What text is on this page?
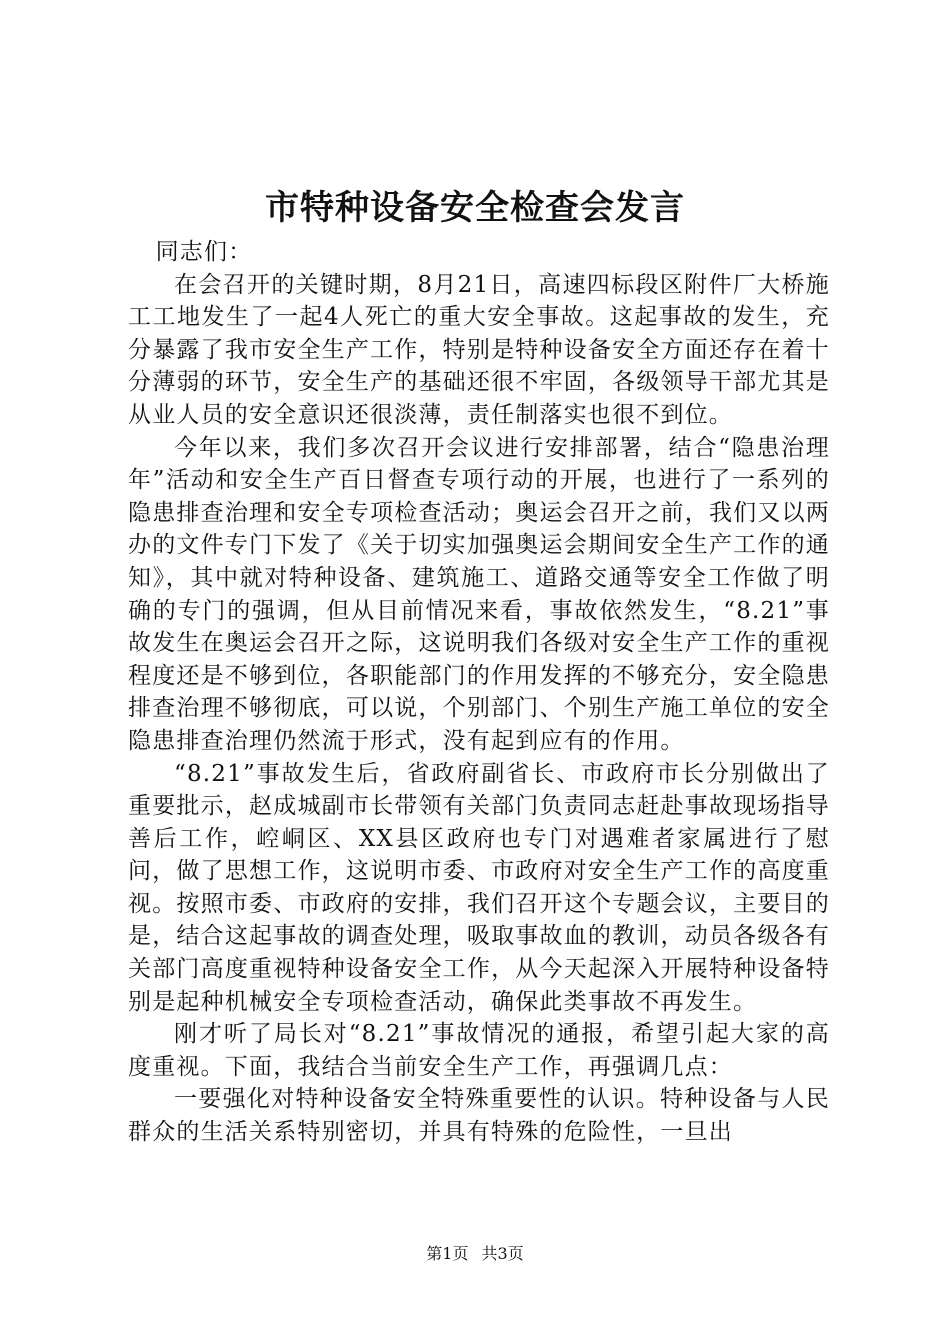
市特种设备安全检查会发言

同志们：

在会召开的关键时期，8月21日，高速四标段区附件厂大桥施工工地发生了一起4人死亡的重大安全事故。这起事故的发生，充分暴露了我市安全生产工作，特别是特种设备安全方面还存在着十分薄弱的环节，安全生产的基础还很不牢固，各级领导干部尤其是从业人员的安全意识还很淡薄，责任制落实也很不到位。

今年以来，我们多次召开会议进行安排部署，结合“隐患治理年”活动和安全生产百日督查专项行动的开展，也进行了一系列的隐患排查治理和安全专项检查活动；奥运会召开之前，我们又以两办的文件专门下发了《关于切实加强奥运会期间安全生产工作的通知》，其中就对特种设备、建筑施工、道路交通等安全工作做了明确的专门的强调，但从目前情况来看，事故依然发生，“8.21”事故发生在奥运会召开之际，这说明我们各级对安全生产工作的重视程度还是不够到位，各职能部门的作用发挥的不够充分，安全隐患排查治理不够彻底，可以说，个别部门、个别生产施工单位的安全隐患排查治理仍然流于形式，没有起到应有的作用。

“8.21”事故发生后，省政府副省长、市政府市长分别做出了重要批示，赵成城副市长带领有关部门负责同志赶赴事故现场指导善后工作，崆峒区、XX县区政府也专门对遇难者家属进行了慰问，做了思想工作，这说明市委、市政府对安全生产工作的高度重视。按照市委、市政府的安排，我们召开这个专题会议，主要目的是，结合这起事故的调查处理，吸取事故血的教训，动员各级各有关部门高度重视特种设备安全工作，从今天起深入开展特种设备特别是起种机械安全专项检查活动，确保此类事故不再发生。

刚才听了局长对“8.21”事故情况的通报，希望引起大家的高度重视。下面，我结合当前安全生产工作，再强调几点：

一要强化对特种设备安全特殊重要性的认识。特种设备与人民群众的生活关系特别密切，并具有特殊的危险性，一旦出

第1页 共3页
